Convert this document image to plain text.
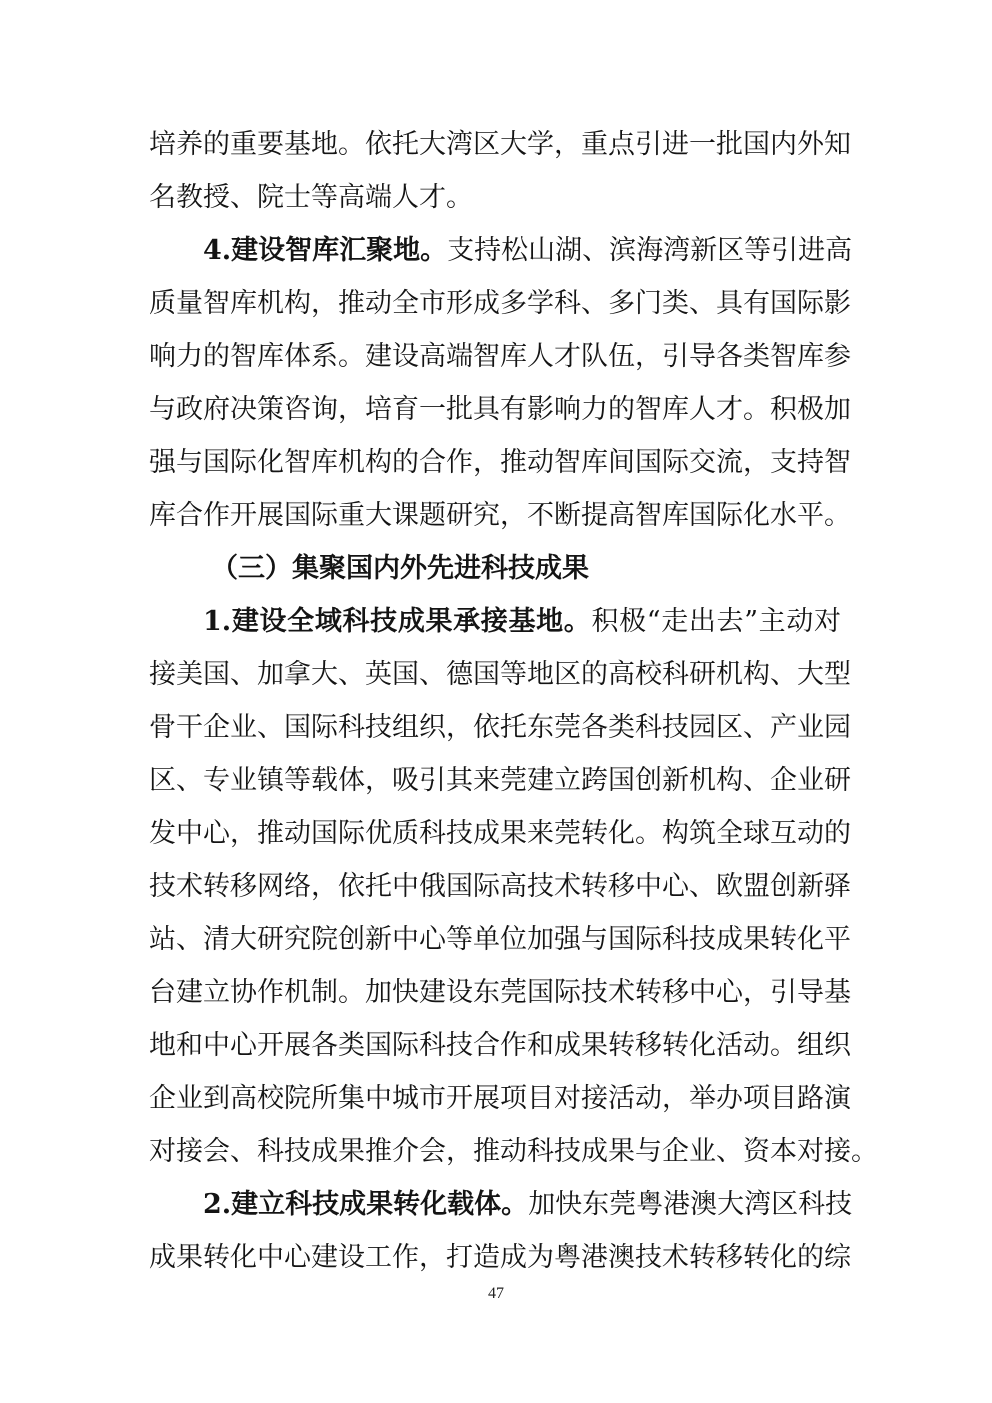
培养的重要基地。依托大湾区大学，重点引进一批国内外知
名教授、院士等高端人才。
4.建设智库汇聚地。支持松山湖、滨海湾新区等引进高
质量智库机构，推动全市形成多学科、多门类、具有国际影
响力的智库体系。建设高端智库人才队伍，引导各类智库参
与政府决策咨询，培育一批具有影响力的智库人才。积极加
强与国际化智库机构的合作，推动智库间国际交流，支持智
库合作开展国际重大课题研究，不断提高智库国际化水平。
（三）集聚国内外先进科技成果
1.建设全域科技成果承接基地。积极“走出去”主动对
接美国、加拿大、英国、德国等地区的高校科研机构、大型
骨干企业、国际科技组织，依托东莞各类科技园区、产业园
区、专业镇等载体，吸引其来莞建立跨国创新机构、企业研
发中心，推动国际优质科技成果来莞转化。构筑全球互动的
技术转移网络，依托中俄国际高技术转移中心、欧盟创新驿
站、清大研究院创新中心等单位加强与国际科技成果转化平
台建立协作机制。加快建设东莞国际技术转移中心，引导基
地和中心开展各类国际科技合作和成果转移转化活动。组织
企业到高校院所集中城市开展项目对接活动，举办项目路演
对接会、科技成果推介会，推动科技成果与企业、资本对接。
2.建立科技成果转化载体。加快东莞粤港澳大湾区科技
成果转化中心建设工作，打造成为粤港澳技术转移转化的综
47
